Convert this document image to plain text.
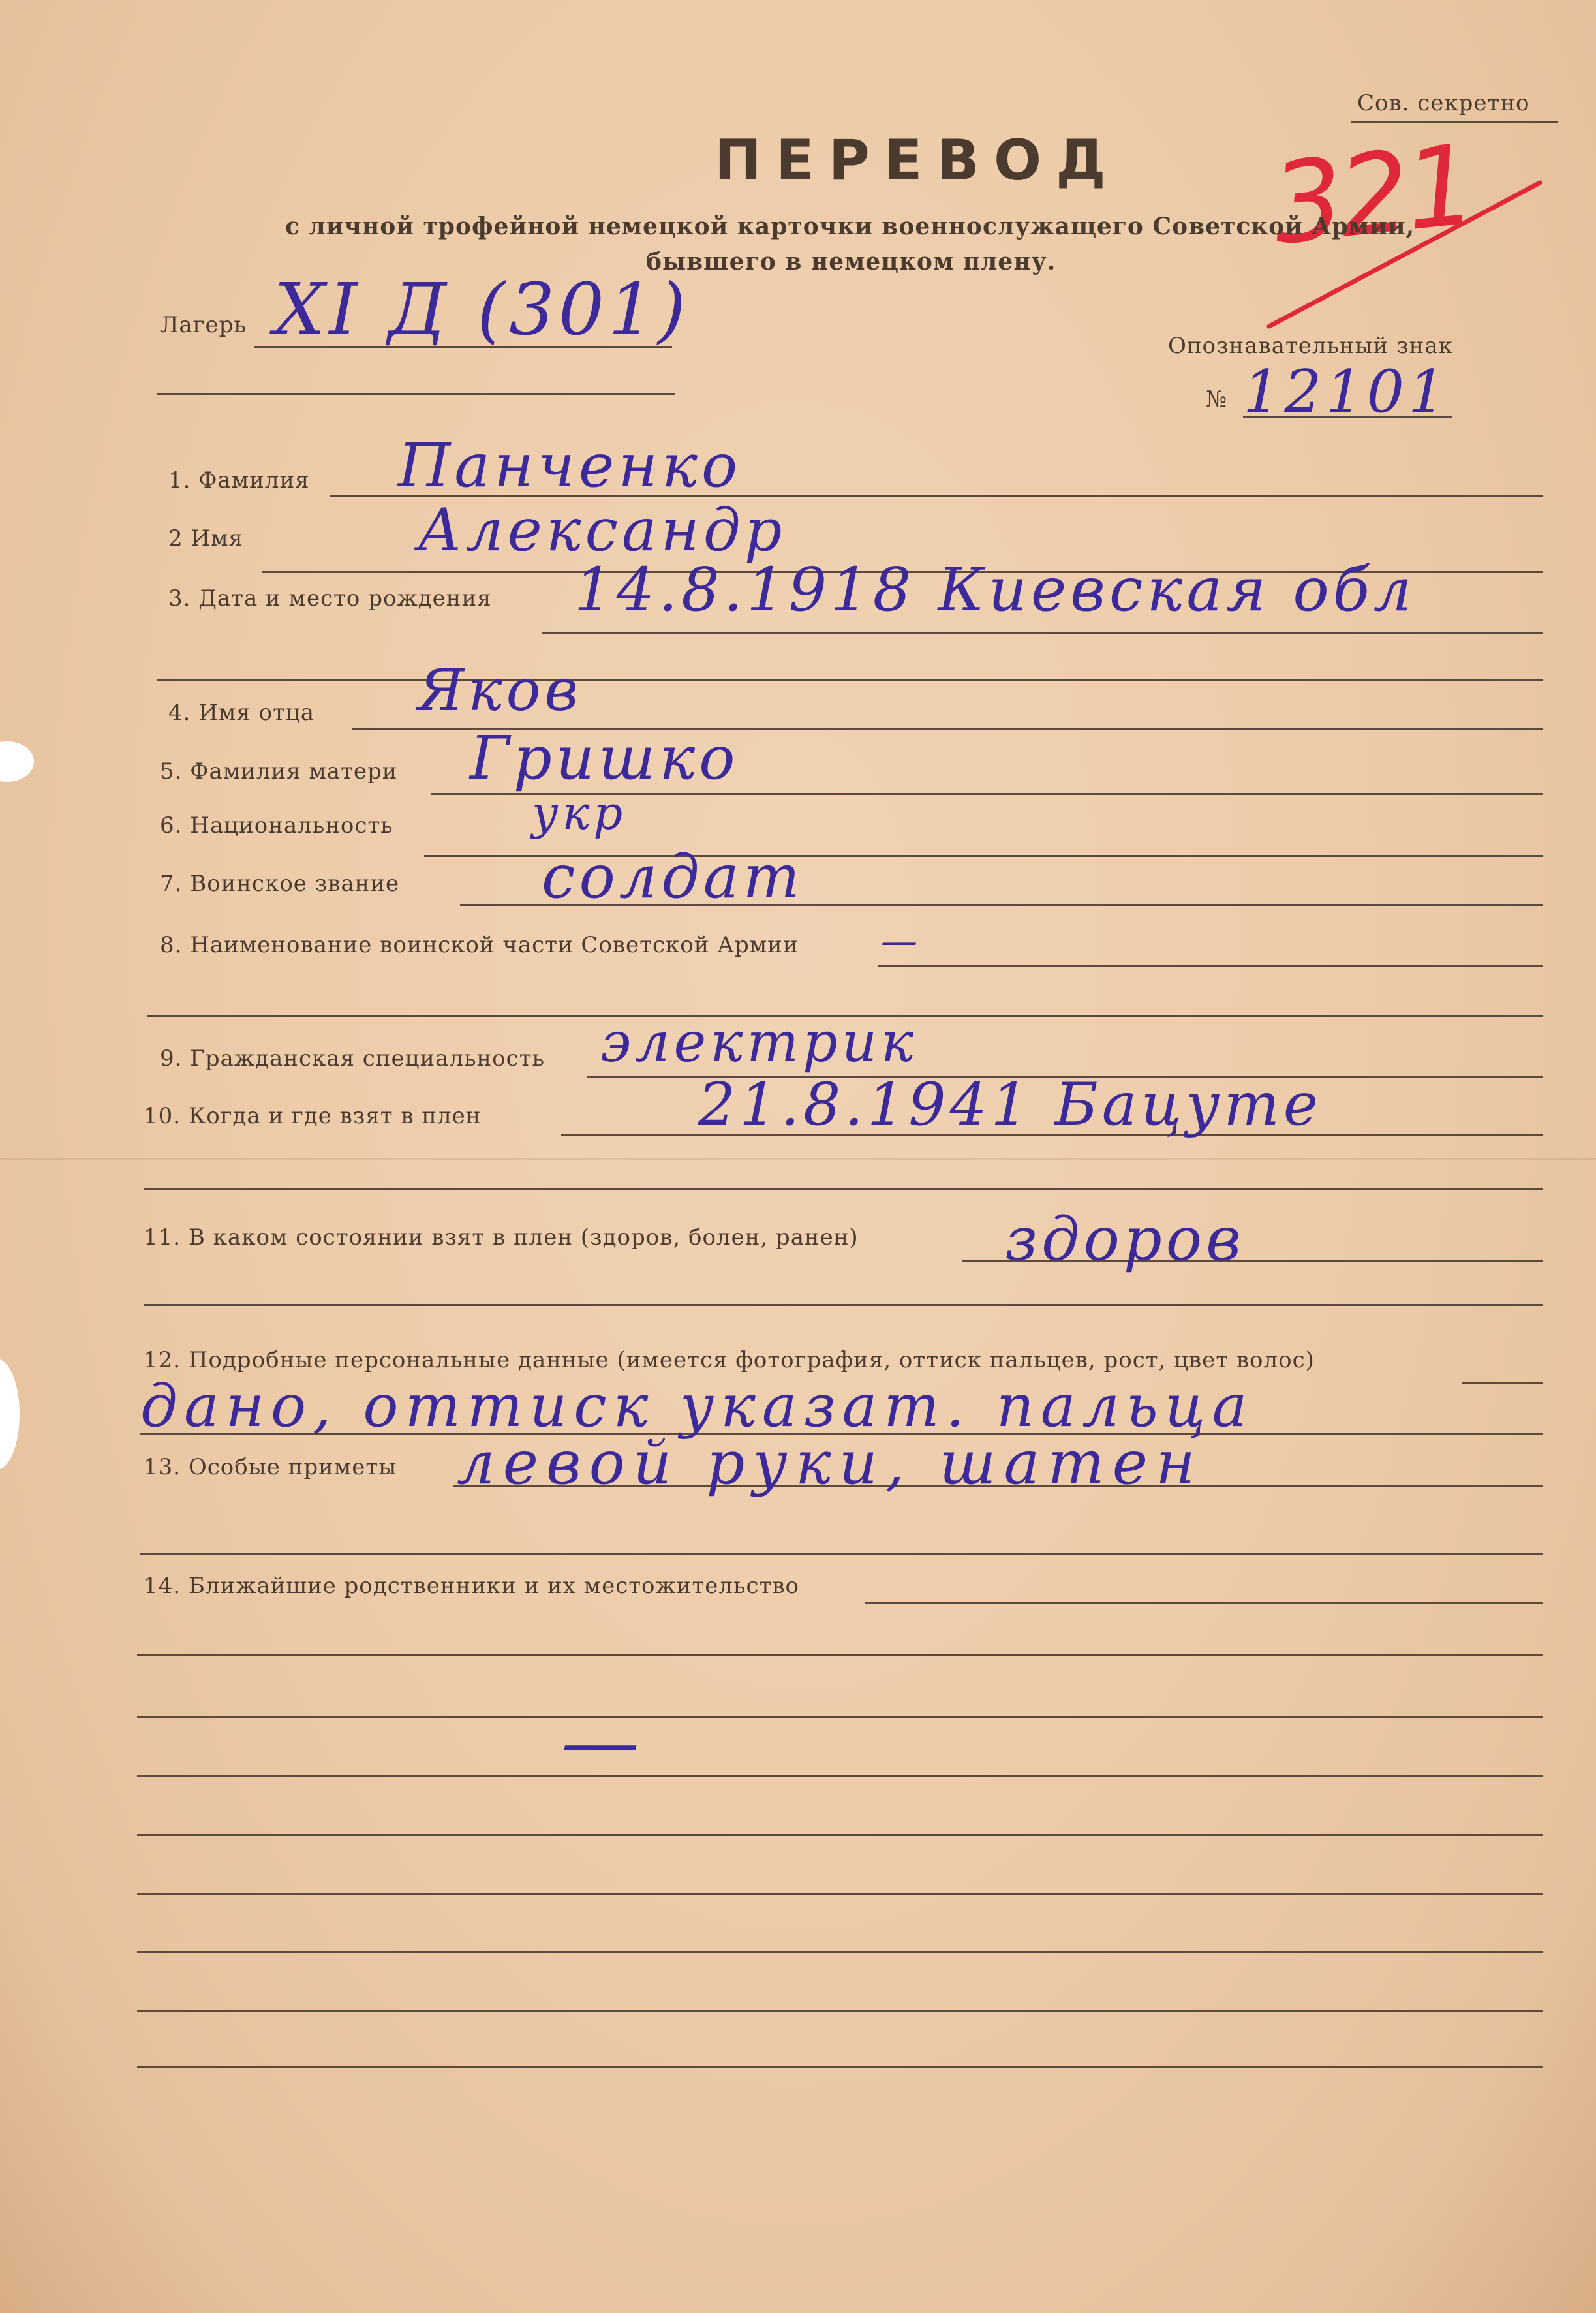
Сов. секретно
321
ПЕРЕВОД
с личной трофейной немецкой карточки военнослужащего Советской Армии,
бывшего в немецком плену.
Лагерь XI Д (301)	Опознавательный знак
№ 12101
1. Фамилия Панченко
2 Имя	Александр
3. Дата и место рождения 14.8.1918 Киевская обл
4. Имя отца Яков
5. Фамилия матери Гришко
6. Национальность	укр
7. Воинское звание солдат
8. Наименование воинской части Советской Армии —
9. Гражданская специальность электрик
10. Когда и где взят в плен	21.8.1941 Бацуте
11. В каком состоянии взят в плен (здоров, болен, ранен) здоров
12. Подробные персональные данные (имеется фотография, оттиск пальцев, рост, цвет волос)
дано, оттиск указат. пальца
13. Особые приметы левой руки, шатен
14. Ближайшие родственники и их местожительство
—
